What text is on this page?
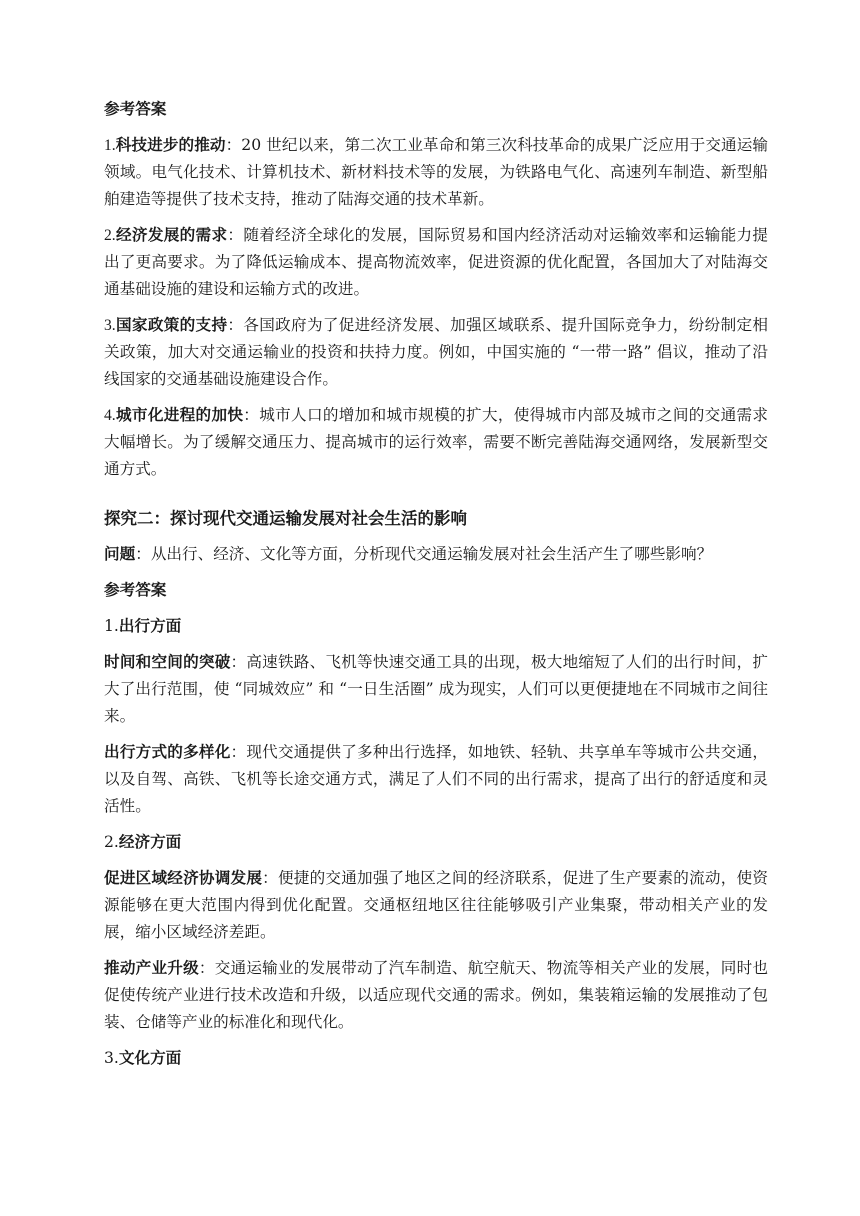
参考答案

1.科技进步的推动：20 世纪以来，第二次工业革命和第三次科技革命的成果广泛应用于交通运输领域。电气化技术、计算机技术、新材料技术等的发展，为铁路电气化、高速列车制造、新型船舶建造等提供了技术支持，推动了陆海交通的技术革新。

2.经济发展的需求：随着经济全球化的发展，国际贸易和国内经济活动对运输效率和运输能力提出了更高要求。为了降低运输成本、提高物流效率，促进资源的优化配置，各国加大了对陆海交通基础设施的建设和运输方式的改进。

3.国家政策的支持：各国政府为了促进经济发展、加强区域联系、提升国际竞争力，纷纷制定相关政策，加大对交通运输业的投资和扶持力度。例如，中国实施的 “一带一路” 倡议，推动了沿线国家的交通基础设施建设合作。

4.城市化进程的加快：城市人口的增加和城市规模的扩大，使得城市内部及城市之间的交通需求大幅增长。为了缓解交通压力、提高城市的运行效率，需要不断完善陆海交通网络，发展新型交通方式。

探究二：探讨现代交通运输发展对社会生活的影响

问题：从出行、经济、文化等方面，分析现代交通运输发展对社会生活产生了哪些影响？

参考答案
1.出行方面

时间和空间的突破：高速铁路、飞机等快速交通工具的出现，极大地缩短了人们的出行时间，扩大了出行范围，使 “同城效应” 和 “一日生活圈” 成为现实，人们可以更便捷地在不同城市之间往来。

出行方式的多样化：现代交通提供了多种出行选择，如地铁、轻轨、共享单车等城市公共交通，以及自驾、高铁、飞机等长途交通方式，满足了人们不同的出行需求，提高了出行的舒适度和灵活性。

2.经济方面

促进区域经济协调发展：便捷的交通加强了地区之间的经济联系，促进了生产要素的流动，使资源能够在更大范围内得到优化配置。交通枢纽地区往往能够吸引产业集聚，带动相关产业的发展，缩小区域经济差距。

推动产业升级：交通运输业的发展带动了汽车制造、航空航天、物流等相关产业的发展，同时也促使传统产业进行技术改造和升级，以适应现代交通的需求。例如，集装箱运输的发展推动了包装、仓储等产业的标准化和现代化。

3.文化方面
